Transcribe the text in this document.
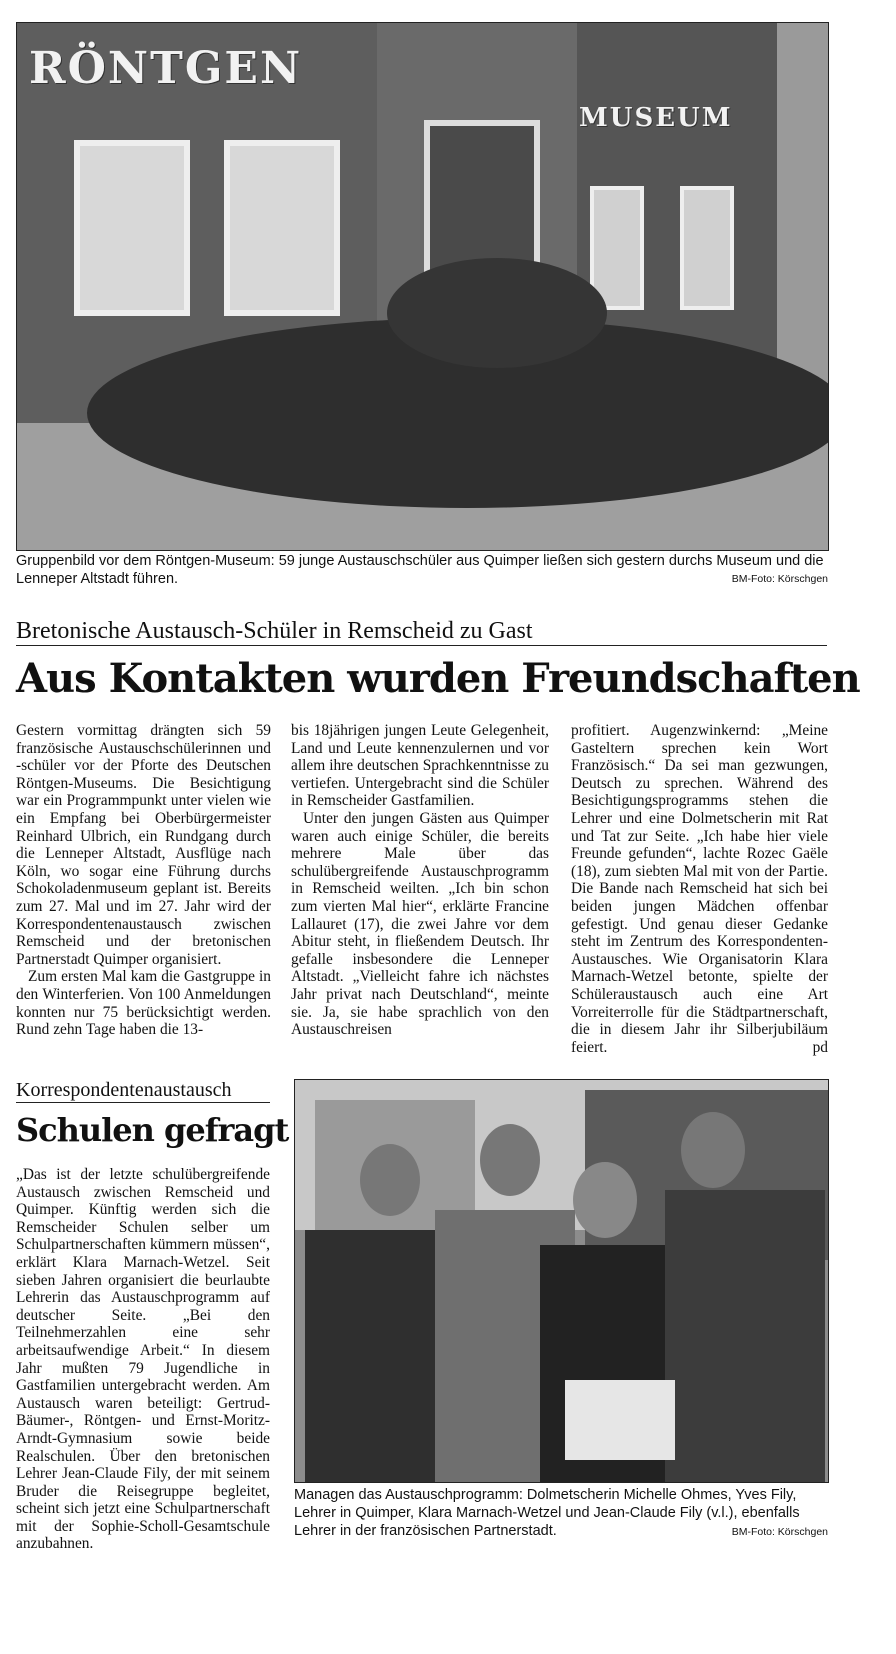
RÖNTGEN
MUSEUM
Gruppenbild vor dem Röntgen-Museum: 59 junge Austauschschüler aus Quimper ließen sich gestern durchs Museum und die Lenneper Altstadt führen.	BM-Foto: Körschgen
Bretonische Austausch-Schüler in Remscheid zu Gast
Aus Kontakten wurden Freundschaften

Gestern vormittag drängten sich 59 französische Austauschschülerinnen und -schüler vor der Pforte des Deutschen Röntgen-Museums. Die Besichtigung war ein Programmpunkt unter vielen wie ein Empfang bei Oberbürgermeister Reinhard Ulbrich, ein Rundgang durch die Lenneper Altstadt, Ausflüge nach Köln, wo sogar eine Führung durchs Schokoladenmuseum geplant ist. Bereits zum 27. Mal und im 27. Jahr wird der Korrespondentenaustausch zwischen Remscheid und der bretonischen Partnerstadt Quimper organisiert.

Zum ersten Mal kam die Gastgruppe in den Winterferien. Von 100 Anmeldungen konnten nur 75 berücksichtigt werden. Rund zehn Tage haben die 13-

bis 18jährigen jungen Leute Gelegenheit, Land und Leute kennenzulernen und vor allem ihre deutschen Sprachkenntnisse zu vertiefen. Untergebracht sind die Schüler in Remscheider Gastfamilien.

Unter den jungen Gästen aus Quimper waren auch einige Schüler, die bereits mehrere Male über das schulübergreifende Austauschprogramm in Remscheid weilten. „Ich bin schon zum vierten Mal hier“, erklärte Francine Lallauret (17), die zwei Jahre vor dem Abitur steht, in fließendem Deutsch. Ihr gefalle insbesondere die Lenneper Altstadt. „Vielleicht fahre ich nächstes Jahr privat nach Deutschland“, meinte sie. Ja, sie habe sprachlich von den Austauschreisen

profitiert. Augenzwinkernd: „Meine Gasteltern sprechen kein Wort Französisch.“ Da sei man gezwungen, Deutsch zu sprechen. Während des Besichtigungsprogramms stehen die Lehrer und eine Dolmetscherin mit Rat und Tat zur Seite. „Ich habe hier viele Freunde gefunden“, lachte Rozec Gaële (18), zum siebten Mal mit von der Partie. Die Bande nach Remscheid hat sich bei beiden jungen Mädchen offenbar gefestigt. Und genau dieser Gedanke steht im Zentrum des Korrespondenten-Austausches. Wie Organisatorin Klara Marnach-Wetzel betonte, spielte der Schüleraustausch auch eine Art Vorreiterrolle für die Städtpartnerschaft, die in diesem Jahr ihr Silberjubiläum feiert.	pd

Korrespondentenaustausch
Schulen gefragt

„Das ist der letzte schulübergreifende Austausch zwischen Remscheid und Quimper. Künftig werden sich die Remscheider Schulen selber um Schulpartnerschaften kümmern müssen“, erklärt Klara Marnach-Wetzel. Seit sieben Jahren organisiert die beurlaubte Lehrerin das Austauschprogramm auf deutscher Seite. „Bei den Teilnehmerzahlen eine sehr arbeitsaufwendige Arbeit.“ In diesem Jahr mußten 79 Jugendliche in Gastfamilien untergebracht werden. Am Austausch waren beteiligt: Gertrud-Bäumer-, Röntgen- und Ernst-Moritz-Arndt-Gymnasium sowie beide Realschulen. Über den bretonischen Lehrer Jean-Claude Fily, der mit seinem Bruder die Reisegruppe begleitet, scheint sich jetzt eine Schulpartnerschaft mit der Sophie-Scholl-Gesamtschule anzubahnen.

Managen das Austauschprogramm: Dolmetscherin Michelle Ohmes, Yves Fily, Lehrer in Quimper, Klara Marnach-Wetzel und Jean-Claude Fily (v.l.), ebenfalls Lehrer in der französischen Partnerstadt.	BM-Foto: Körschgen
